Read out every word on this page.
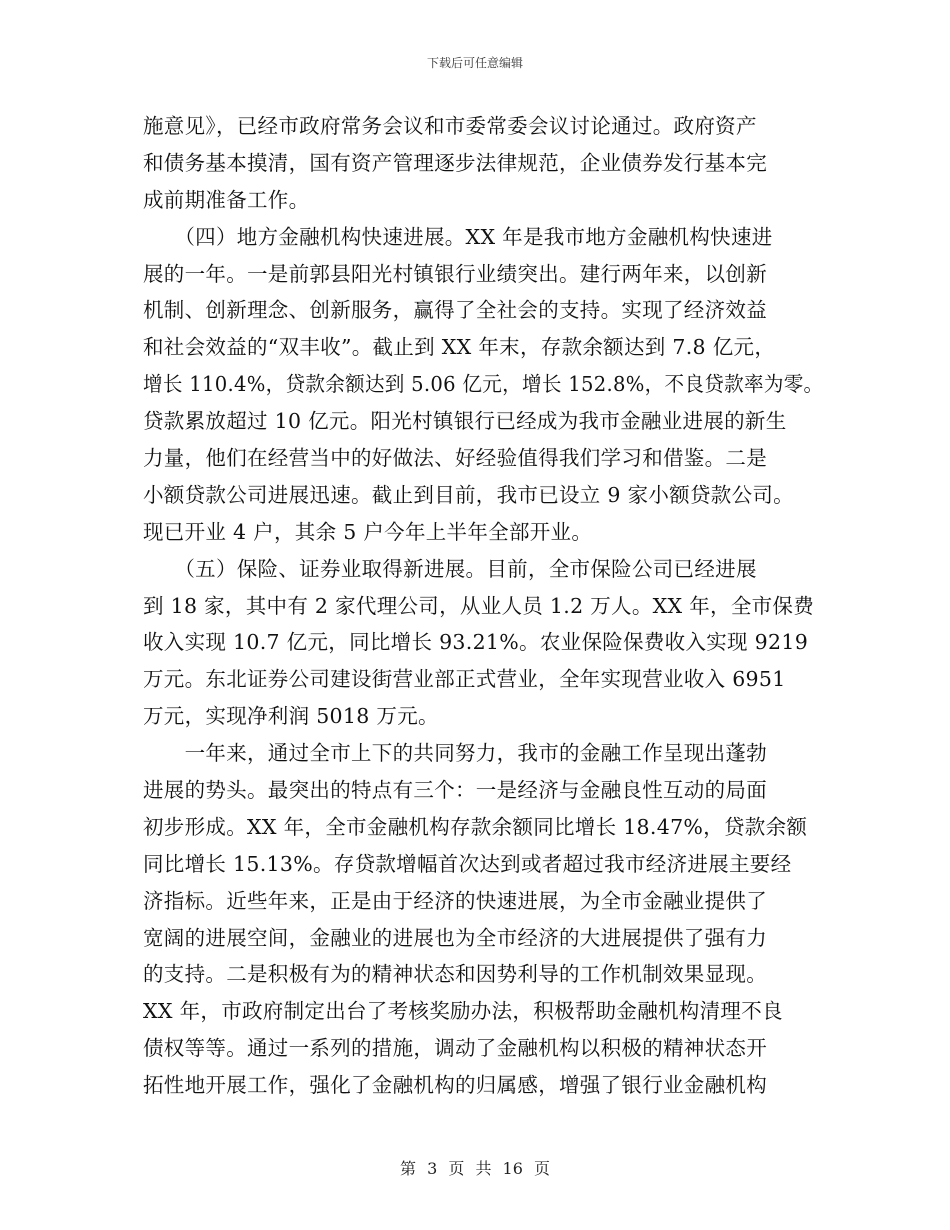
下载后可任意编辑
施意见》，已经市政府常务会议和市委常委会议讨论通过。政府资产
和债务基本摸清，国有资产管理逐步法律规范，企业债券发行基本完
成前期准备工作。
　　（四）地方金融机构快速进展。XX 年是我市地方金融机构快速进
展的一年。一是前郭县阳光村镇银行业绩突出。建行两年来，以创新
机制、创新理念、创新服务，赢得了全社会的支持。实现了经济效益
和社会效益的“双丰收”。截止到 XX 年末，存款余额达到 7.8 亿元，
增长 110.4%，贷款余额达到 5.06 亿元，增长 152.8%，不良贷款率为零。
贷款累放超过 10 亿元。阳光村镇银行已经成为我市金融业进展的新生
力量，他们在经营当中的好做法、好经验值得我们学习和借鉴。二是
小额贷款公司进展迅速。截止到目前，我市已设立 9 家小额贷款公司。
现已开业 4 户，其余 5 户今年上半年全部开业。
　　（五）保险、证券业取得新进展。目前，全市保险公司已经进展
到 18 家，其中有 2 家代理公司，从业人员 1.2 万人。XX 年，全市保费
收入实现 10.7 亿元，同比增长 93.21%。农业保险保费收入实现 9219
万元。东北证券公司建设街营业部正式营业，全年实现营业收入 6951
万元，实现净利润 5018 万元。
　　一年来，通过全市上下的共同努力，我市的金融工作呈现出蓬勃
进展的势头。最突出的特点有三个：一是经济与金融良性互动的局面
初步形成。XX 年，全市金融机构存款余额同比增长 18.47%，贷款余额
同比增长 15.13%。存贷款增幅首次达到或者超过我市经济进展主要经
济指标。近些年来，正是由于经济的快速进展，为全市金融业提供了
宽阔的进展空间，金融业的进展也为全市经济的大进展提供了强有力
的支持。二是积极有为的精神状态和因势利导的工作机制效果显现。
XX 年，市政府制定出台了考核奖励办法，积极帮助金融机构清理不良
债权等等。通过一系列的措施，调动了金融机构以积极的精神状态开
拓性地开展工作，强化了金融机构的归属感，增强了银行业金融机构
第 3 页 共 16 页
